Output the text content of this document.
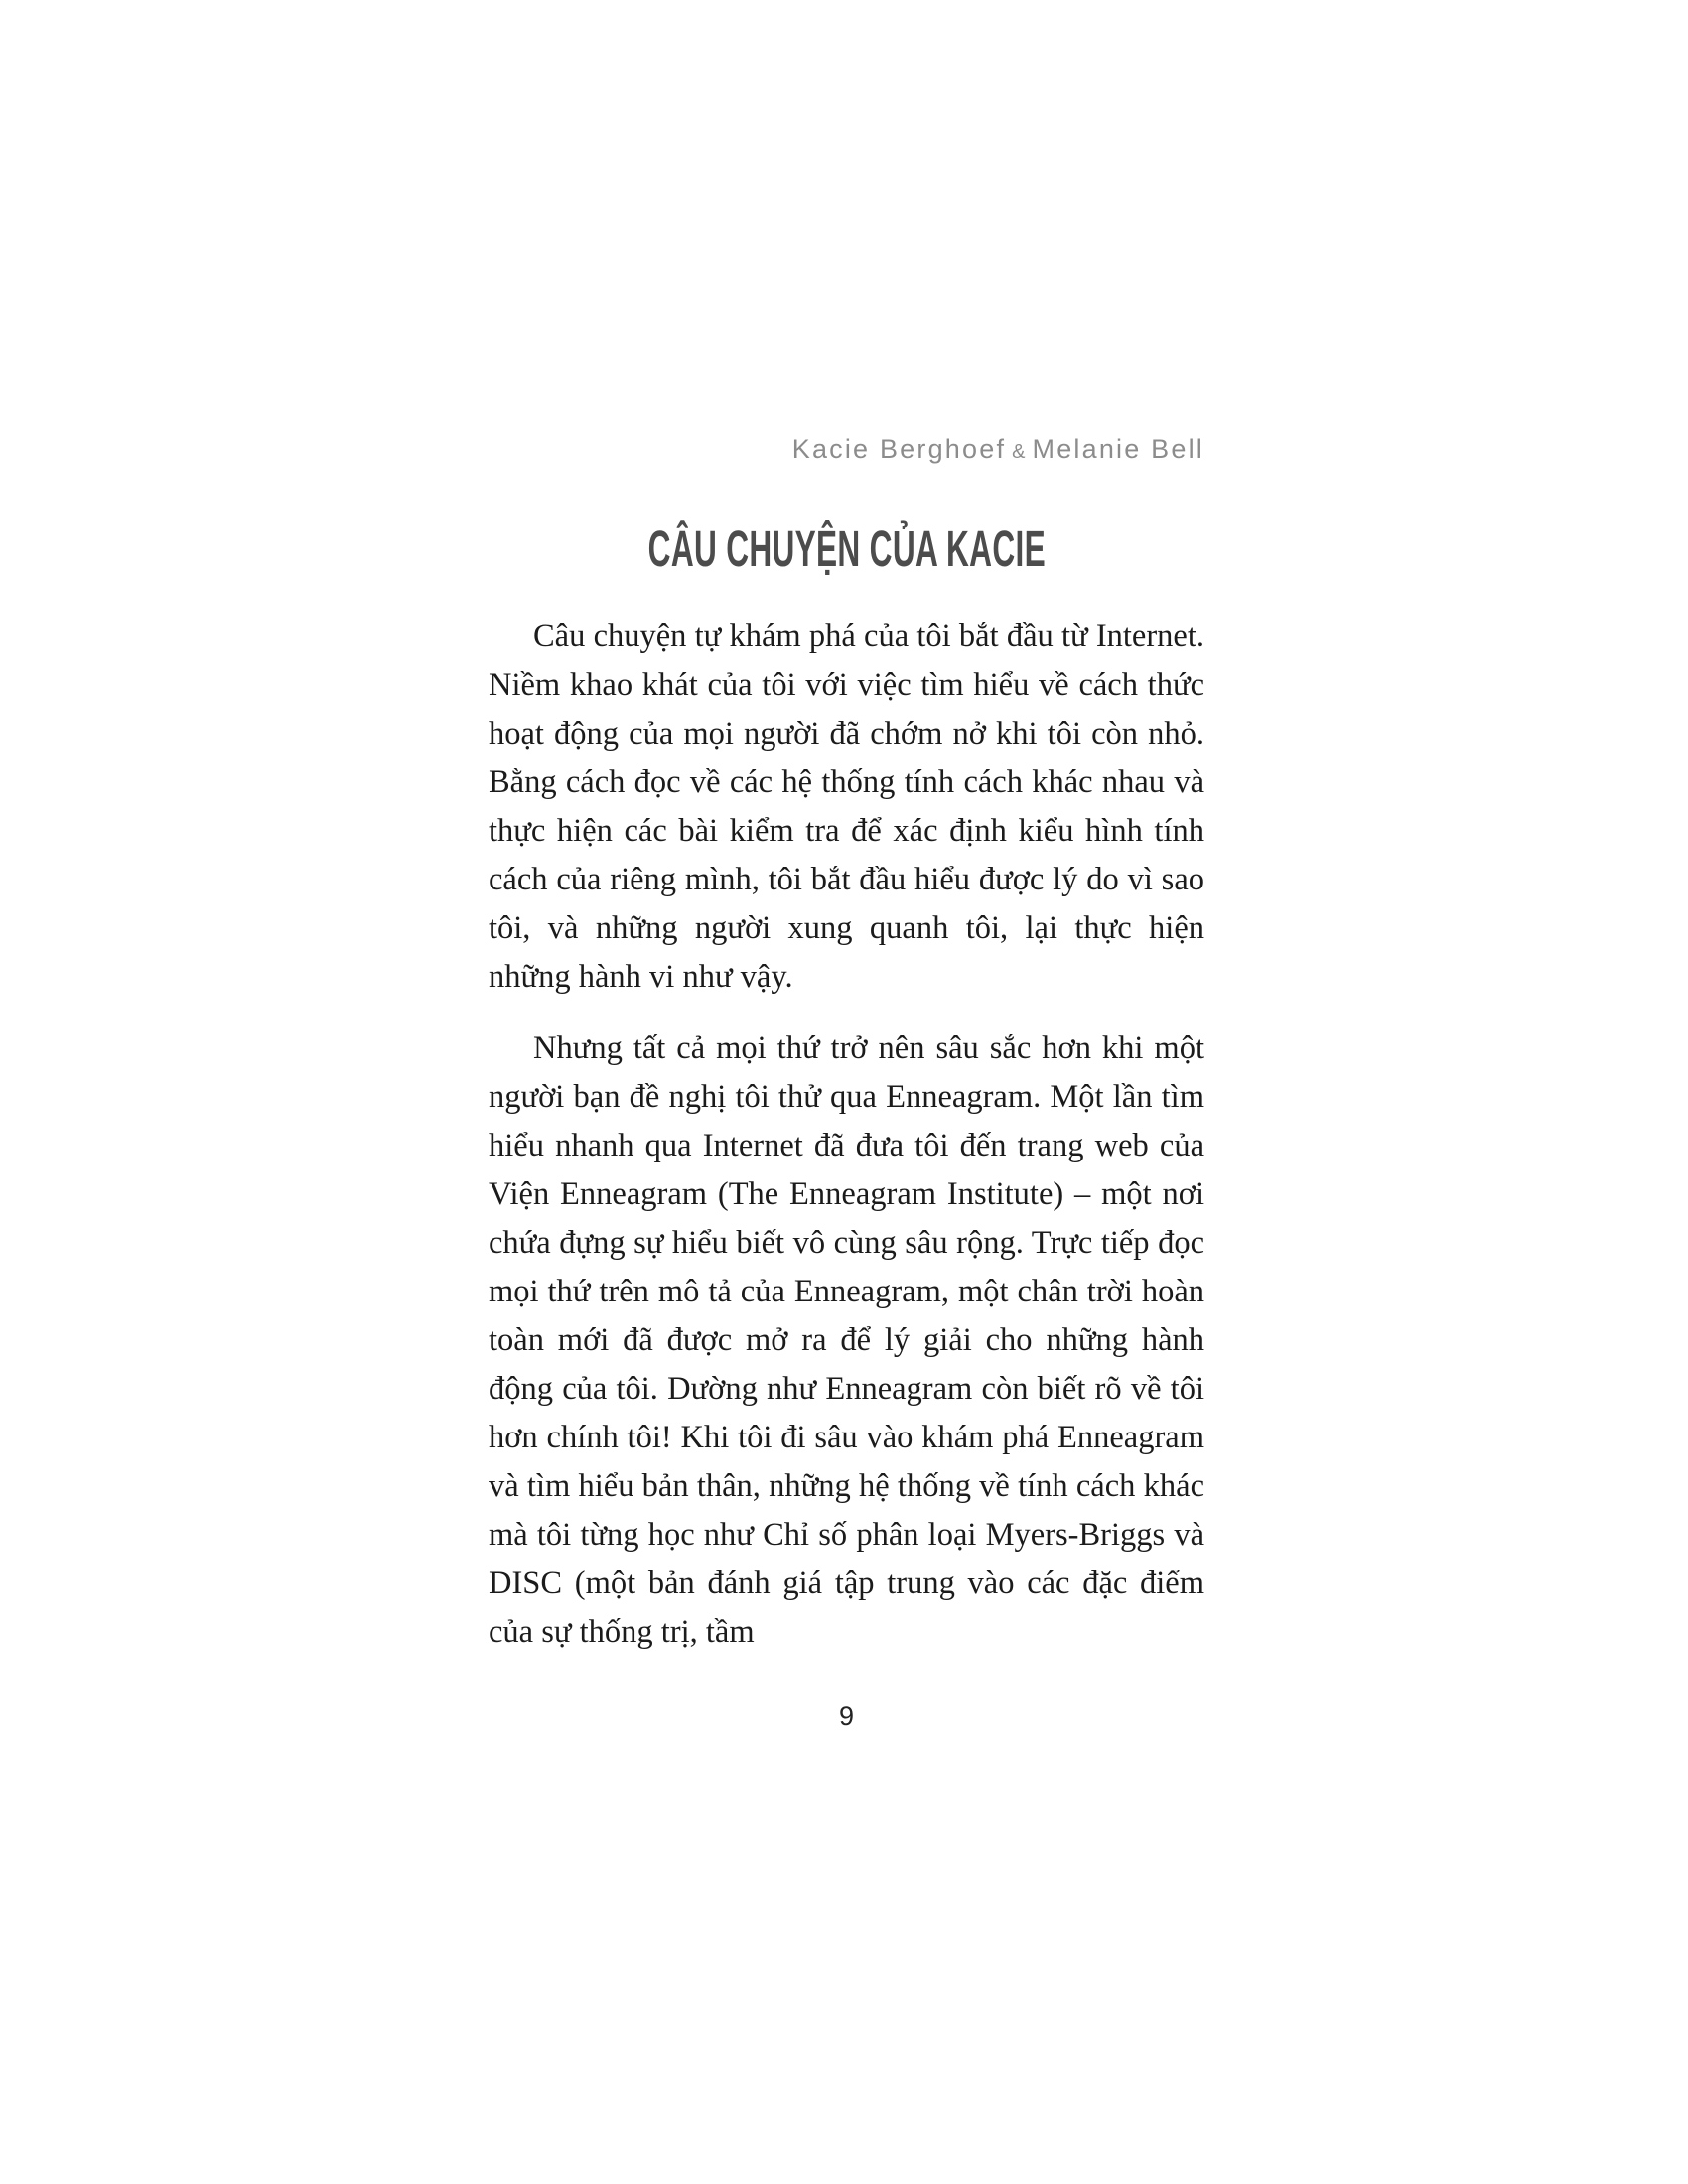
Kacie Berghoef & Melanie Bell
CÂU CHUYỆN CỦA KACIE

Câu chuyện tự khám phá của tôi bắt đầu từ Internet. Niềm khao khát của tôi với việc tìm hiểu về cách thức hoạt động của mọi người đã chớm nở khi tôi còn nhỏ. Bằng cách đọc về các hệ thống tính cách khác nhau và thực hiện các bài kiểm tra để xác định kiểu hình tính cách của riêng mình, tôi bắt đầu hiểu được lý do vì sao tôi, và những người xung quanh tôi, lại thực hiện những hành vi như vậy.

Nhưng tất cả mọi thứ trở nên sâu sắc hơn khi một người bạn đề nghị tôi thử qua Enneagram. Một lần tìm hiểu nhanh qua Internet đã đưa tôi đến trang web của Viện Enneagram (The Enneagram Institute) – một nơi chứa đựng sự hiểu biết vô cùng sâu rộng. Trực tiếp đọc mọi thứ trên mô tả của Enneagram, một chân trời hoàn toàn mới đã được mở ra để lý giải cho những hành động của tôi. Dường như Enneagram còn biết rõ về tôi hơn chính tôi! Khi tôi đi sâu vào khám phá Enneagram và tìm hiểu bản thân, những hệ thống về tính cách khác mà tôi từng học như Chỉ số phân loại Myers-Briggs và DISC (một bản đánh giá tập trung vào các đặc điểm của sự thống trị, tầm

9
